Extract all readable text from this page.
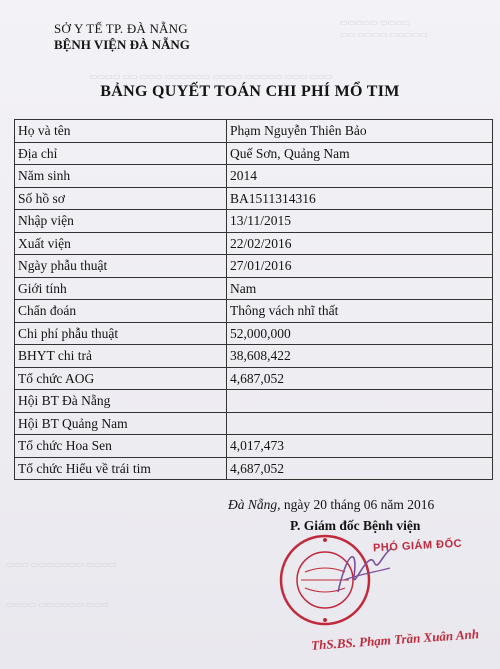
▭▭▭▭▭ ▭▭▭▭
▭▭ ▭▭▭▭ ▭▭▭▭▭
▭▭▭▭ ▭▭ ▭▭▭ ▭▭▭▭▭▭ ▭▭▭▭ ▭▭▭▭▭ ▭▭▭ ▭▭▭
▭▭▭ ▭▭▭▭▭▭▭ ▭▭▭▭
▭▭▭▭ ▭▭▭▭▭▭ ▭▭▭
SỞ Y TẾ TP. ĐÀ NẴNG
BỆNH VIỆN ĐÀ NẴNG
BẢNG QUYẾT TOÁN CHI PHÍ MỔ TIM
Họ và tên	Phạm Nguyễn Thiên Bảo
Địa chỉ	Quế Sơn, Quảng Nam
Năm sinh	2014
Số hồ sơ	BA1511314316
Nhập viện	13/11/2015
Xuất viện	22/02/2016
Ngày phẫu thuật	27/01/2016
Giới tính	Nam
Chẩn đoán	Thông vách nhĩ thất
Chi phí phẫu thuật	52,000,000
BHYT chi trả	38,608,422
Tổ chức AOG	4,687,052
Hội BT Đà Nẵng	
Hội BT Quảng Nam	
Tổ chức Hoa Sen	4,017,473
Tổ chức Hiểu về trái tim	4,687,052
Đà Nẵng, ngày 20 tháng 06 năm 2016
P. Giám đốc Bệnh viện
PHÓ GIÁM ĐỐC
ThS.BS. Phạm Trần Xuân Anh
